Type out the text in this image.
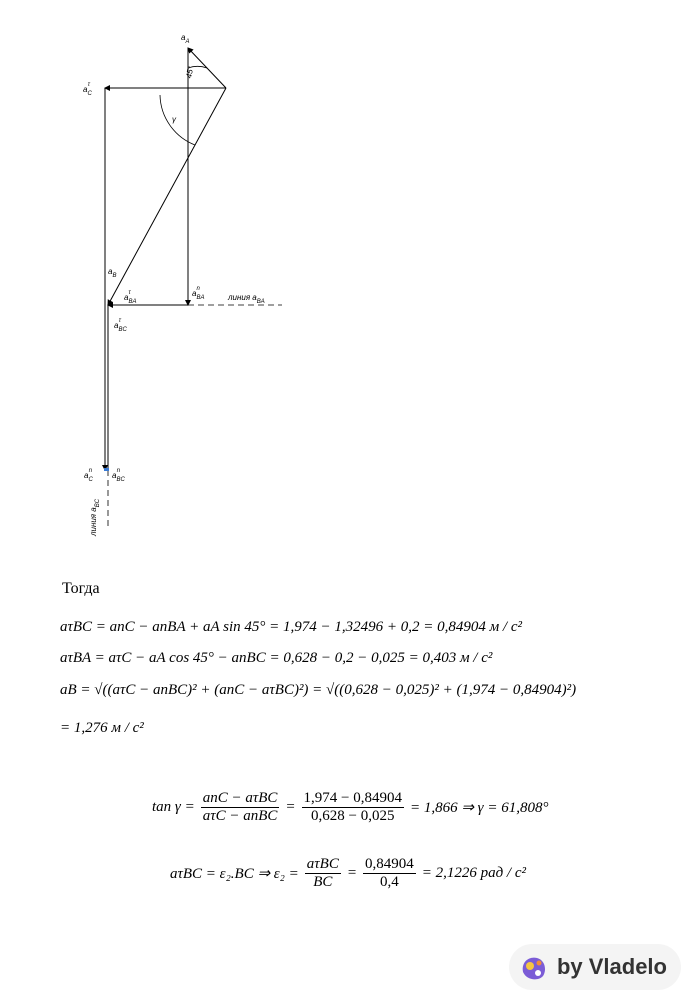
$a_A$
$a_C\tau$
45°
γ
$a_B$
$a_{BA}\tau$	$a_{BA}n$
линия $a_{BA}$
$a_{BC}\tau$
$a_Cn$ $a_{BC}n$
линия $a_{BC}$
Тогда
aτBC = anC − anBA + aA sin 45° = 1,974 − 1,32496 + 0,2 = 0,84904 м / c²
aτBA = aτC − aA cos 45° − anBC = 0,628 − 0,2 − 0,025 = 0,403 м / c²
aB = √((aτC − anBC)² + (anC − aτBC)²) = √((0,628 − 0,025)² + (1,974 − 0,84904)²)
= 1,276 м / c²
tan γ =
anC − aτBC
aτC − anBC
= $\frac{1,974 - 0,84904}{0,628 - 0,025} = 1,866$ ⇒ γ = 61,808°
aτBC = ε₂.BC ⇒ ε₂ =
aτBC
BC
= $\frac{0,84904}{0,4} = 2,1226$ рад / c²
by Vladelo
